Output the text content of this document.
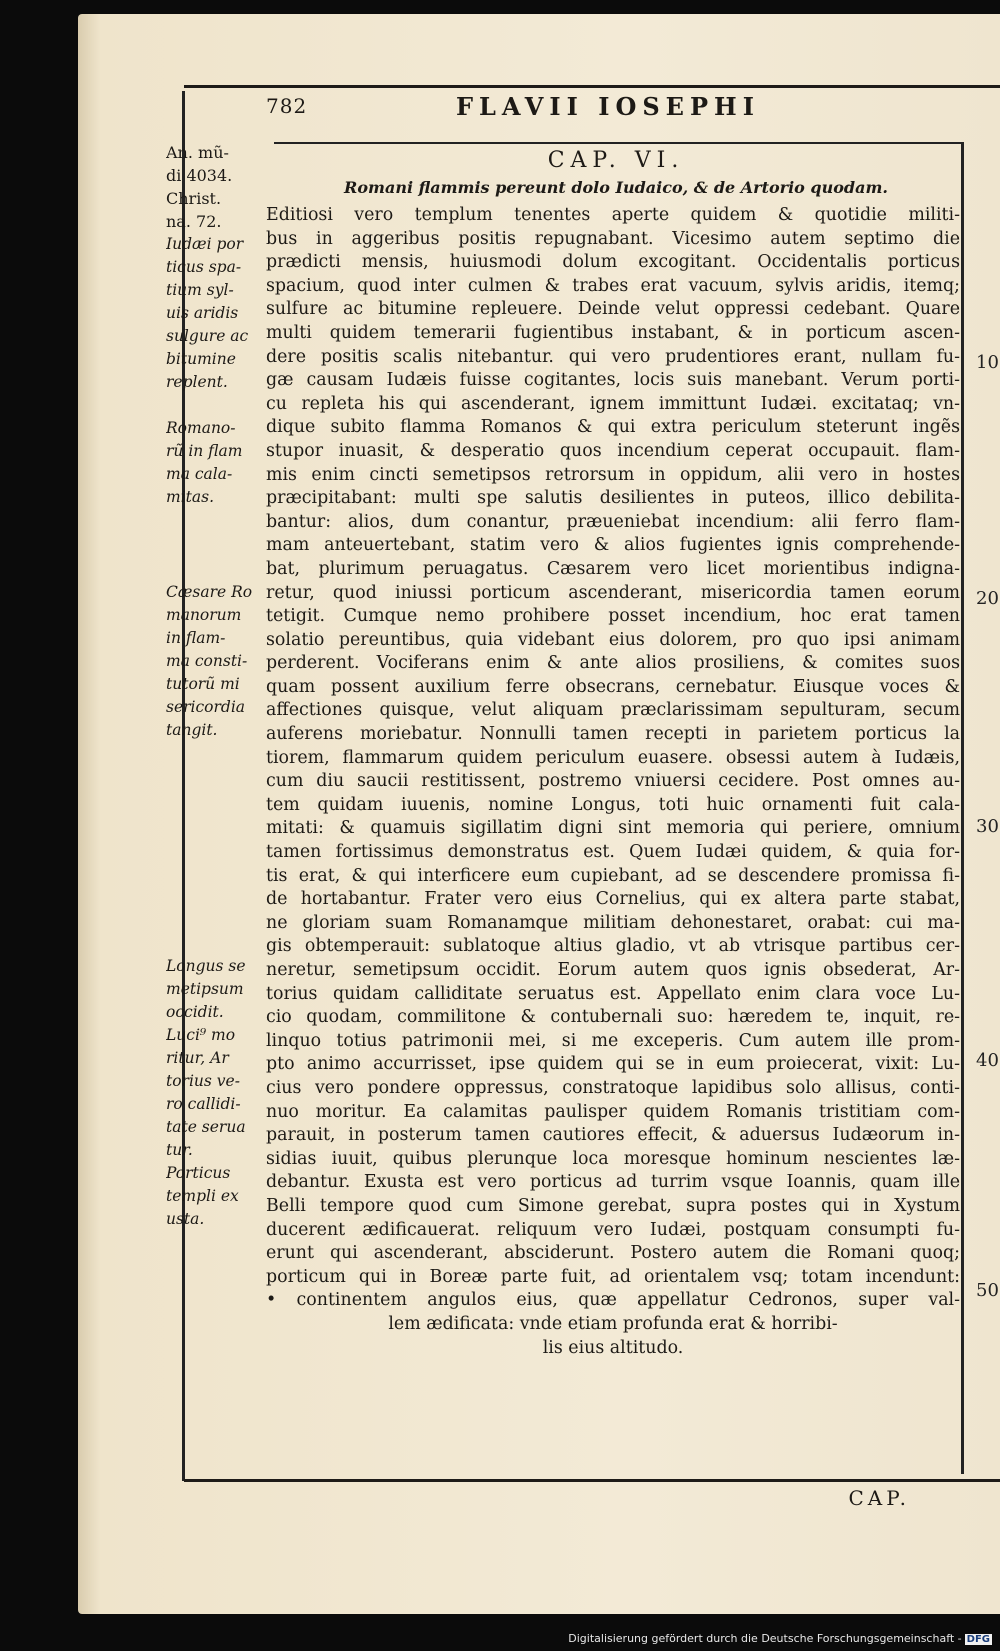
782	FLAVII IOSEPHI
CAP. VI.
Romani flammis pereunt dolo Iudaico, & de Artorio quodam.
Editiosi vero templum tenentes aperte quidem & quotidie militi-
bus in aggeribus positis repugnabant. Vicesimo autem septimo die
prædicti mensis, huiusmodi dolum excogitant. Occidentalis porticus
spacium, quod inter culmen & trabes erat vacuum, sylvis aridis, itemq;
sulfure ac bitumine repleuere. Deinde velut oppressi cedebant. Quare
multi quidem temerarii fugientibus instabant, & in porticum ascen-
dere positis scalis nitebantur. qui vero prudentiores erant, nullam fu-
gæ causam Iudæis fuisse cogitantes, locis suis manebant. Verum porti-
cu repleta his qui ascenderant, ignem immittunt Iudæi. excitataq; vn-
dique subito flamma Romanos & qui extra periculum steterunt ingẽs
stupor inuasit, & desperatio quos incendium ceperat occupauit. flam-
mis enim cincti semetipsos retrorsum in oppidum, alii vero in hostes
præcipitabant: multi spe salutis desilientes in puteos, illico debilita-
bantur: alios, dum conantur, præueniebat incendium: alii ferro flam-
mam anteuertebant, statim vero & alios fugientes ignis comprehende-
bat, plurimum peruagatus. Cæsarem vero licet morientibus indigna-
retur, quod iniussi porticum ascenderant, misericordia tamen eorum
tetigit. Cumque nemo prohibere posset incendium, hoc erat tamen
solatio pereuntibus, quia videbant eius dolorem, pro quo ipsi animam
perderent. Vociferans enim & ante alios prosiliens, & comites suos
quam possent auxilium ferre obsecrans, cernebatur. Eiusque voces &
affectiones quisque, velut aliquam præclarissimam sepulturam, secum
auferens moriebatur. Nonnulli tamen recepti in parietem porticus la
tiorem, flammarum quidem periculum euasere. obsessi autem à Iudæis,
cum diu saucii restitissent, postremo vniuersi cecidere. Post omnes au-
tem quidam iuuenis, nomine Longus, toti huic ornamenti fuit cala-
mitati: & quamuis sigillatim digni sint memoria qui periere, omnium
tamen fortissimus demonstratus est. Quem Iudæi quidem, & quia for-
tis erat, & qui interficere eum cupiebant, ad se descendere promissa fi-
de hortabantur. Frater vero eius Cornelius, qui ex altera parte stabat,
ne gloriam suam Romanamque militiam dehonestaret, orabat: cui ma-
gis obtemperauit: sublatoque altius gladio, vt ab vtrisque partibus cer-
neretur, semetipsum occidit. Eorum autem quos ignis obsederat, Ar-
torius quidam calliditate seruatus est. Appellato enim clara voce Lu-
cio quodam, commilitone & contubernali suo: hæredem te, inquit, re-
linquo totius patrimonii mei, si me exceperis. Cum autem ille prom-
pto animo accurrisset, ipse quidem qui se in eum proiecerat, vixit: Lu-
cius vero pondere oppressus, constratoque lapidibus solo allisus, conti-
nuo moritur. Ea calamitas paulisper quidem Romanis tristitiam com-
parauit, in posterum tamen cautiores effecit, & aduersus Iudæorum in-
sidias iuuit, quibus plerunque loca moresque hominum nescientes læ-
debantur. Exusta est vero porticus ad turrim vsque Ioannis, quam ille
Belli tempore quod cum Simone gerebat, supra postes qui in Xystum
ducerent ædificauerat. reliquum vero Iudæi, postquam consumpti fu-
erunt qui ascenderant, absciderunt. Postero autem die Romani quoq;
porticum qui in Boreæ parte fuit, ad orientalem vsq; totam incendunt:
• continentem angulos eius, quæ appellatur Cedronos, super val-
lem ædificata: vnde etiam profunda erat & horribi-
lis eius altitudo.
An. mũ-
di 4034.
Christ.
na. 72.
Iudæi por
ticus spa-
tium syl-
uis aridis
sulgure ac
bitumine
replent.
Romano-
rũ in flam
ma cala-
mitas.
Cæsare Ro
manorum
in flam-
ma consti-
tutorũ mi
sericordia
tangit.
Longus se
metipsum
occidit.
Luci⁹ mo
ritur, Ar
torius ve-
ro callidi-
tate serua
tur.
Porticus
templi ex
usta.
10
20
30
40
50
CAP.
Digitalisierung gefördert durch die Deutsche Forschungsgemeinschaft - DFG
